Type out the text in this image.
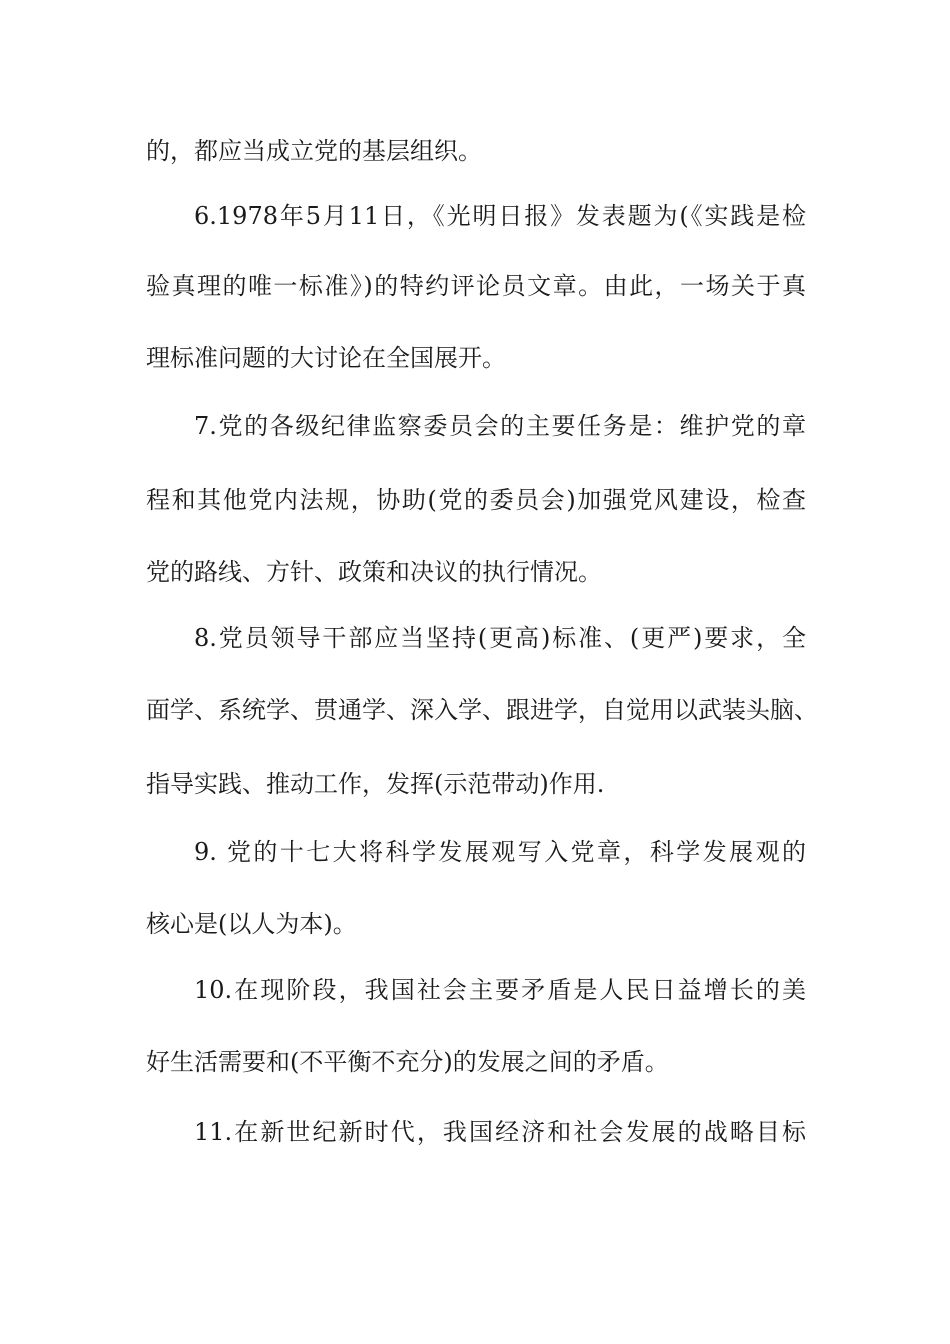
的，都应当成立党的基层组织。
6.1978年5月11日，《光明日报》发表题为(《实践是检
验真理的唯一标准》)的特约评论员文章。由此，一场关于真
理标准问题的大讨论在全国展开。
7.党的各级纪律监察委员会的主要任务是：维护党的章
程和其他党内法规，协助(党的委员会)加强党风建设，检查
党的路线、方针、政策和决议的执行情况。
8.党员领导干部应当坚持(更高)标准、(更严)要求，全
面学、系统学、贯通学、深入学、跟进学，自觉用以武装头脑、
指导实践、推动工作，发挥(示范带动)作用.
9. 党的十七大将科学发展观写入党章，科学发展观的
核心是(以人为本)。
10.在现阶段，我国社会主要矛盾是人民日益增长的美
好生活需要和(不平衡不充分)的发展之间的矛盾。
11.在新世纪新时代，我国经济和社会发展的战略目标
